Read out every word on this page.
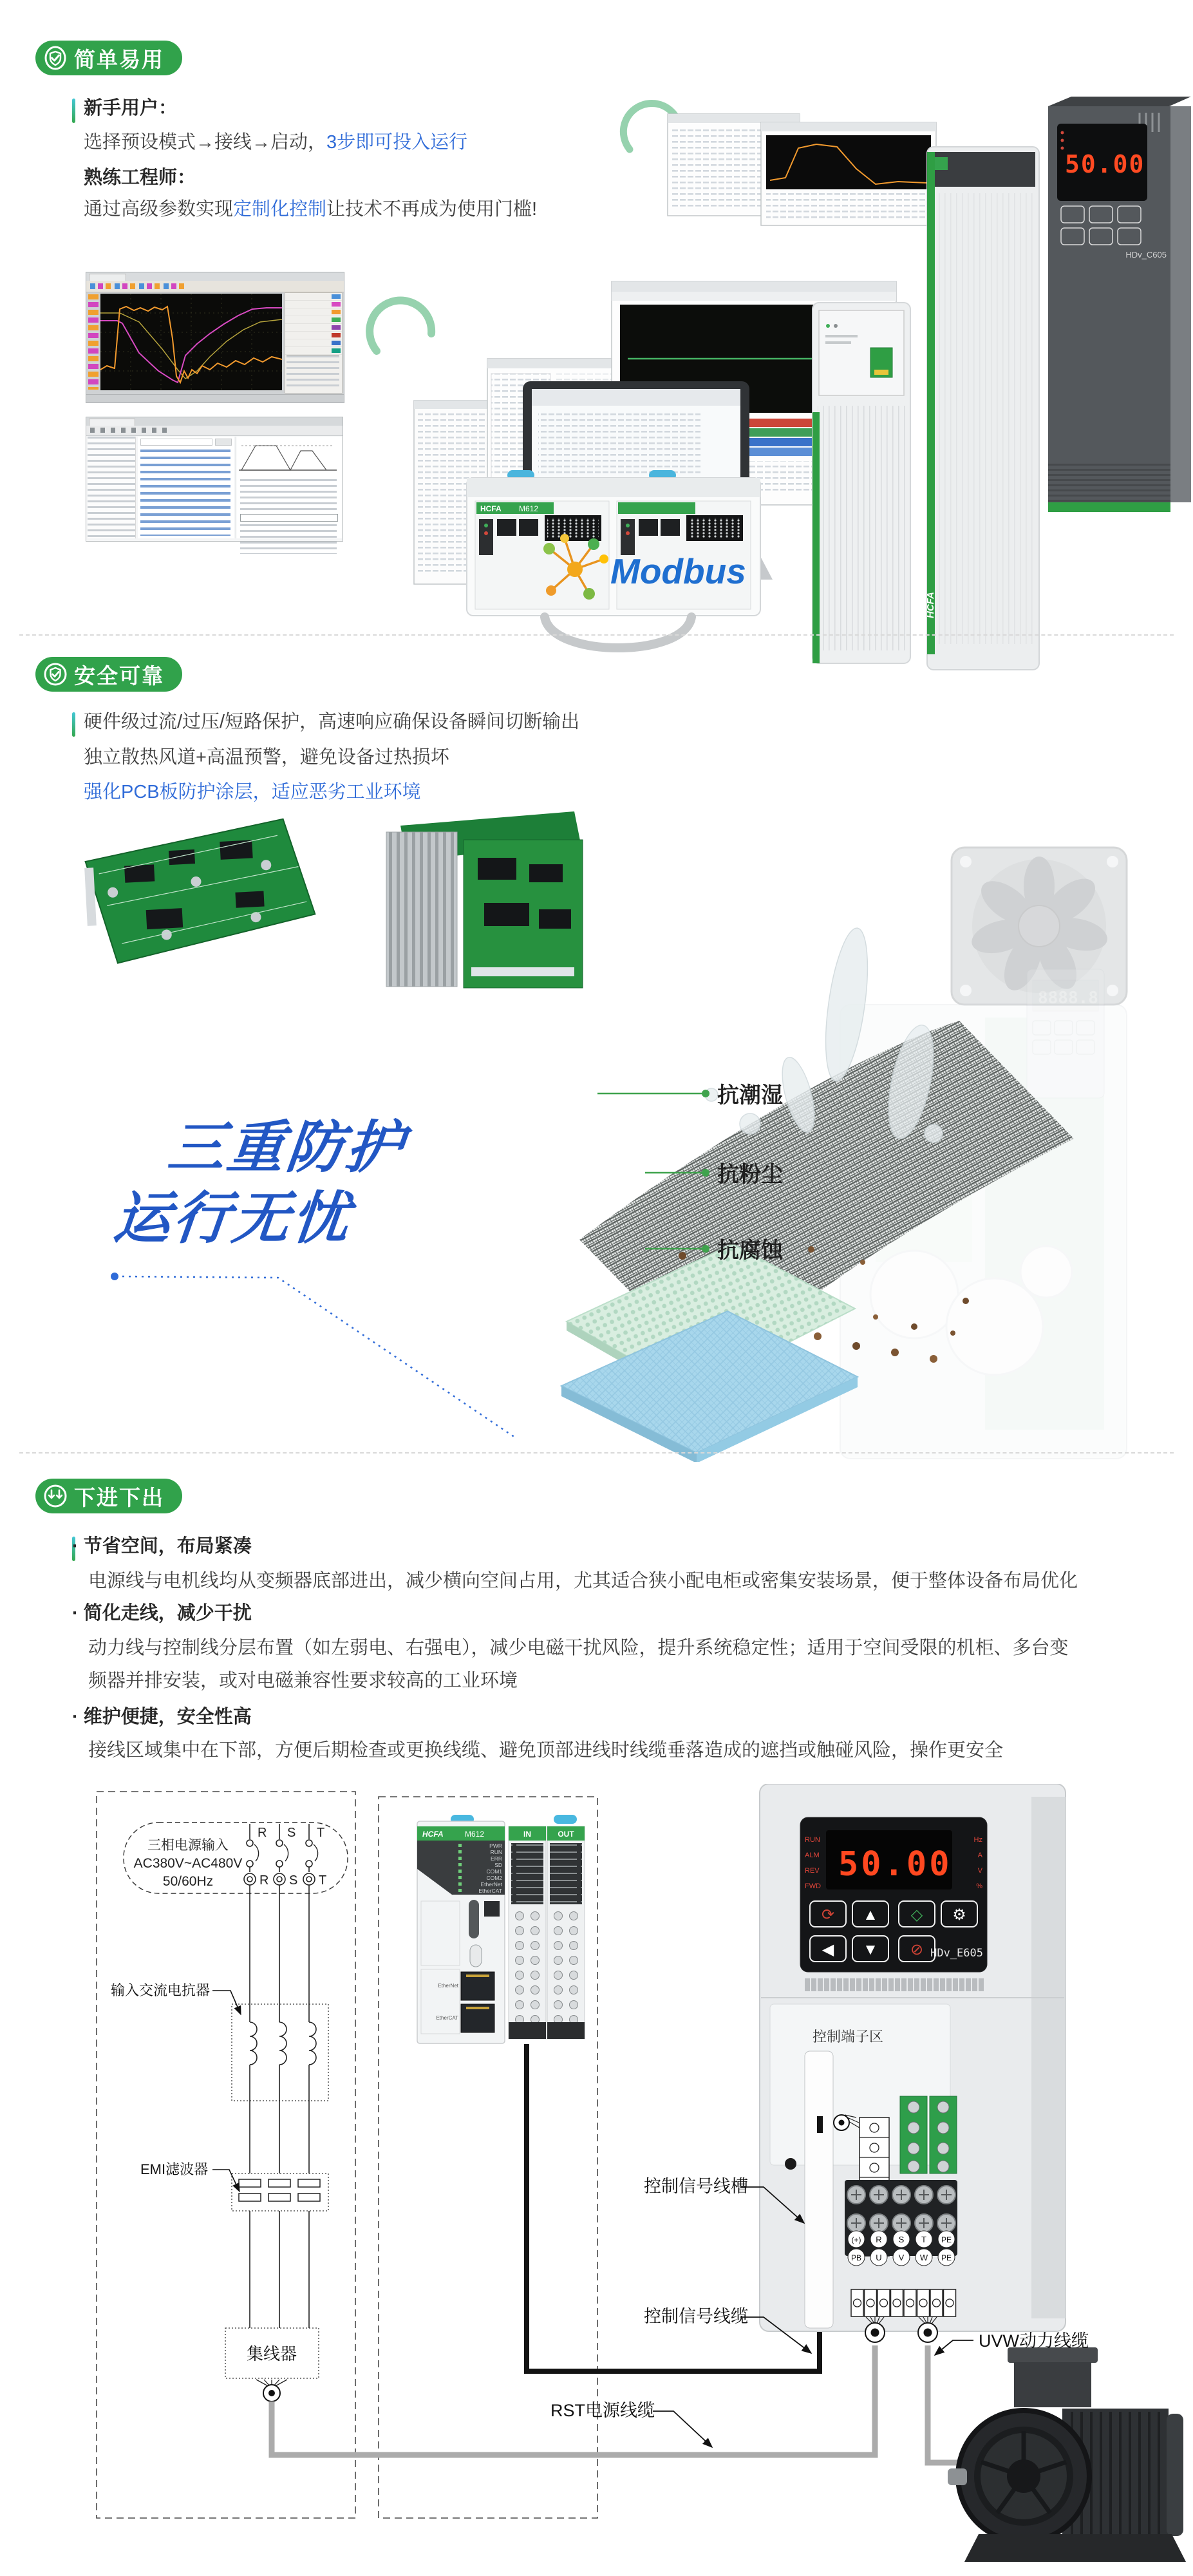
简单易用
新手用户：
选择预设模式→接线→启动，3步即可投入运行
熟练工程师：
通过高级参数实现定制化控制让技术不再成为使用门槛!
HCFA
50.00
HDv_C605
HCFA M612
Modbus
安全可靠
硬件级过流/过压/短路保护，高速响应确保设备瞬间切断输出
独立散热风道+高温预警，避免设备过热损坏
强化PCB板防护涂层，适应恶劣工业环境
8888.8
抗潮湿
抗粉尘
抗腐蚀
三重防护
运行无忧
下进下出
· 节省空间，布局紧凑
电源线与电机线均从变频器底部进出，减少横向空间占用，尤其适合狭小配电柜或密集安装场景，便于整体设备布局优化
· 简化走线，减少干扰
动力线与控制线分层布置（如左弱电、右强电），减少电磁干扰风险，提升系统稳定性；适用于空间受限的机柜、多台变
频器并排安装，或对电磁兼容性要求较高的工业环境
· 维护便捷，安全性高
接线区域集中在下部，方便后期检查或更换线缆、避免顶部进线时线缆垂落造成的遮挡或触碰风险，操作更安全
三相电源输入
AC380V~AC480V
50/60Hz
R S T
R S T
输入交流电抗器
EMI滤波器
集线器
HCFA	M612
PWR
RUN
ERR
SD
COM1
COM2
EtherNet
EtherCAT
EtherNet
EtherCAT
IN	OUT
50.00
RUN
ALM
REV
FWD
Hz
A
V
%
⟳ ▲ ◇ ⚙
◀ ▼ ⊘ HDv_E605
控制端子区
(+) R S T PE
PB U V W PE
控制信号线槽
控制信号线缆
RST电源线缆
UVW动力线缆
